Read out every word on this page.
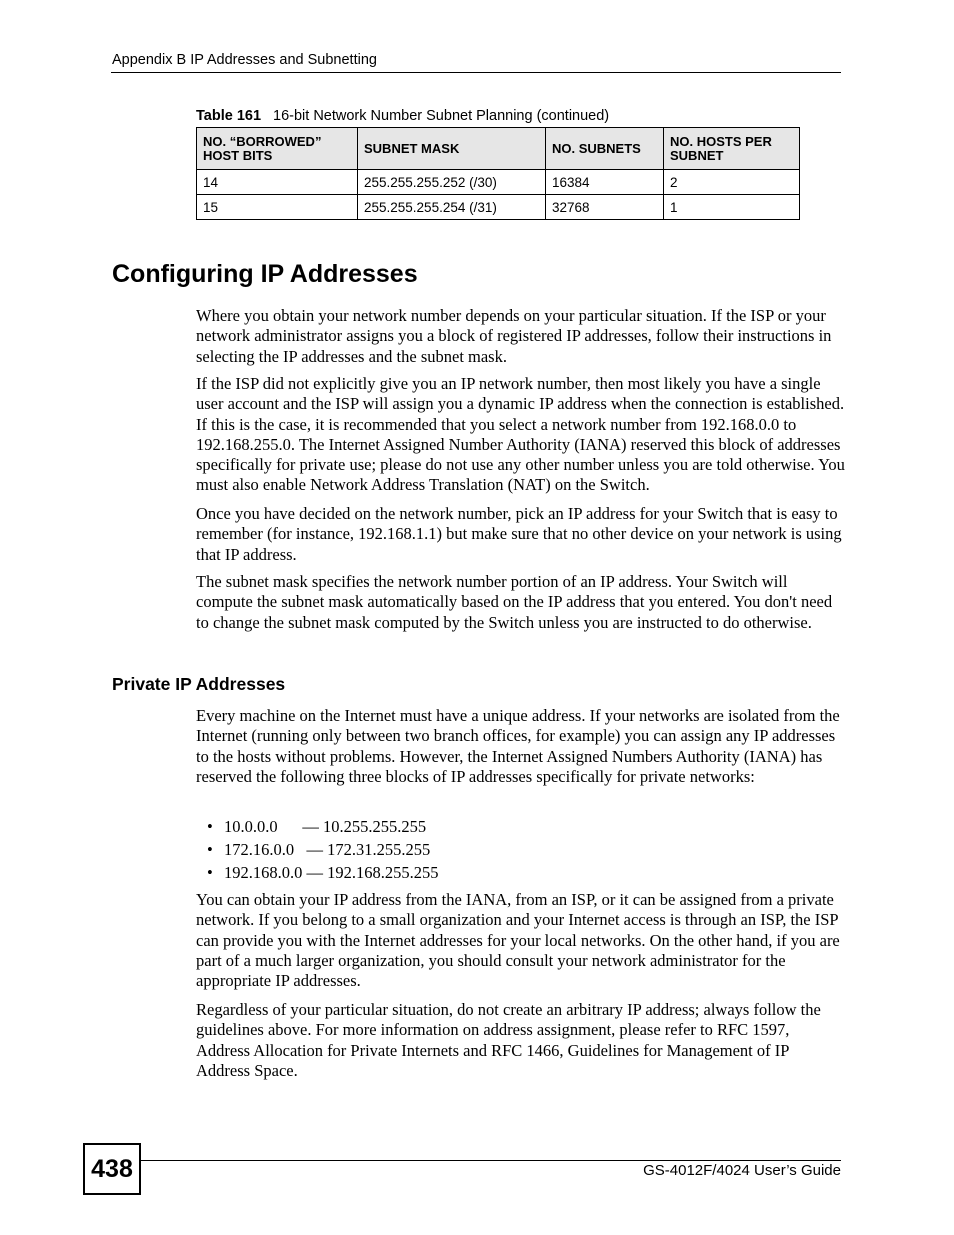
Appendix B IP Addresses and Subnetting
Table 161 16-bit Network Number Subnet Planning (continued)
NO. “BORROWED” HOST BITS	SUBNET MASK	NO. SUBNETS	NO. HOSTS PER SUBNET
14	255.255.255.252 (/30)	16384	2
15	255.255.255.254 (/31)	32768	1
Configuring IP Addresses

Where you obtain your network number depends on your particular situation. If the ISP or your network administrator assigns you a block of registered IP addresses, follow their instructions in selecting the IP addresses and the subnet mask.

If the ISP did not explicitly give you an IP network number, then most likely you have a single user account and the ISP will assign you a dynamic IP address when the connection is established. If this is the case, it is recommended that you select a network number from 192.168.0.0 to 192.168.255.0. The Internet Assigned Number Authority (IANA) reserved this block of addresses specifically for private use; please do not use any other number unless you are told otherwise. You must also enable Network Address Translation (NAT) on the Switch.

Once you have decided on the network number, pick an IP address for your Switch that is easy to remember (for instance, 192.168.1.1) but make sure that no other device on your network is using that IP address.

The subnet mask specifies the network number portion of an IP address. Your Switch will compute the subnet mask automatically based on the IP address that you entered. You don't need to change the subnet mask computed by the Switch unless you are instructed to do otherwise.

Private IP Addresses

Every machine on the Internet must have a unique address. If your networks are isolated from the Internet (running only between two branch offices, for example) you can assign any IP addresses to the hosts without problems. However, the Internet Assigned Numbers Authority (IANA) has reserved the following three blocks of IP addresses specifically for private networks:

• 10.0.0.0      — 10.255.255.255
• 172.16.0.0   — 172.31.255.255
• 192.168.0.0 — 192.168.255.255

You can obtain your IP address from the IANA, from an ISP, or it can be assigned from a private network. If you belong to a small organization and your Internet access is through an ISP, the ISP can provide you with the Internet addresses for your local networks. On the other hand, if you are part of a much larger organization, you should consult your network administrator for the appropriate IP addresses.

Regardless of your particular situation, do not create an arbitrary IP address; always follow the guidelines above. For more information on address assignment, please refer to RFC 1597, Address Allocation for Private Internets and RFC 1466, Guidelines for Management of IP Address Space.

438	GS-4012F/4024 User’s Guide
